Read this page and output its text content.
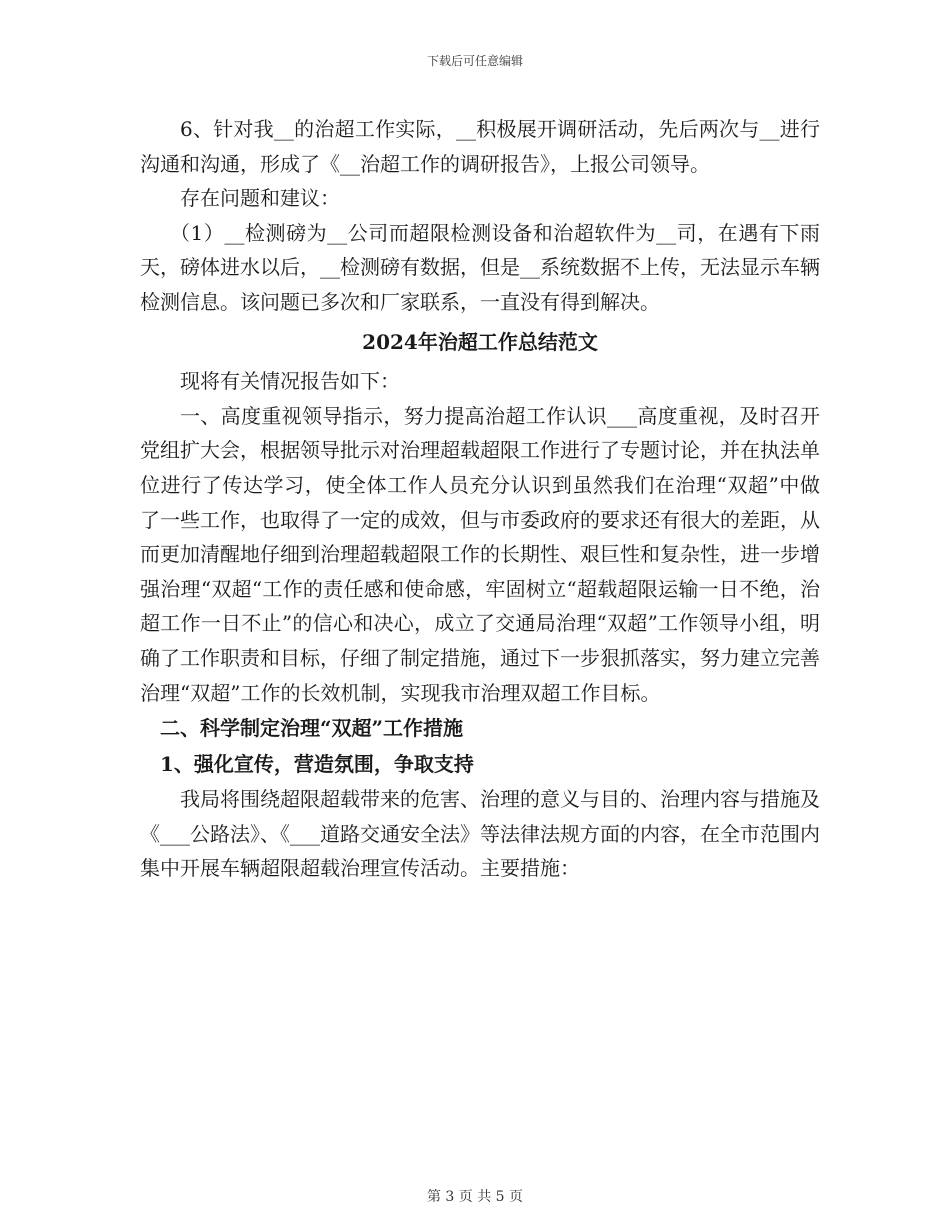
下载后可任意编辑

6、针对我__的治超工作实际，__积极展开调研活动，先后两次与__进行沟通和沟通，形成了《__治超工作的调研报告》，上报公司领导。

存在问题和建议：

（1）__检测磅为__公司而超限检测设备和治超软件为__司，在遇有下雨天，磅体进水以后，__检测磅有数据，但是__系统数据不上传，无法显示车辆检测信息。该问题已多次和厂家联系，一直没有得到解决。

2024年治超工作总结范文

现将有关情况报告如下：

一、高度重视领导指示，努力提高治超工作认识___高度重视，及时召开党组扩大会，根据领导批示对治理超载超限工作进行了专题讨论，并在执法单位进行了传达学习，使全体工作人员充分认识到虽然我们在治理“双超”中做了一些工作，也取得了一定的成效，但与市委政府的要求还有很大的差距，从而更加清醒地仔细到治理超载超限工作的长期性、艰巨性和复杂性，进一步增强治理“双超“工作的责任感和使命感，牢固树立“超载超限运输一日不绝，治超工作一日不止”的信心和决心，成立了交通局治理“双超”工作领导小组，明确了工作职责和目标，仔细了制定措施，通过下一步狠抓落实，努力建立完善治理“双超”工作的长效机制，实现我市治理双超工作目标。

二、科学制定治理“双超”工作措施

1、强化宣传，营造氛围，争取支持

我局将围绕超限超载带来的危害、治理的意义与目的、治理内容与措施及《___公路法》、《___道路交通安全法》等法律法规方面的内容，在全市范围内集中开展车辆超限超载治理宣传活动。主要措施：

第 3 页 共 5 页
